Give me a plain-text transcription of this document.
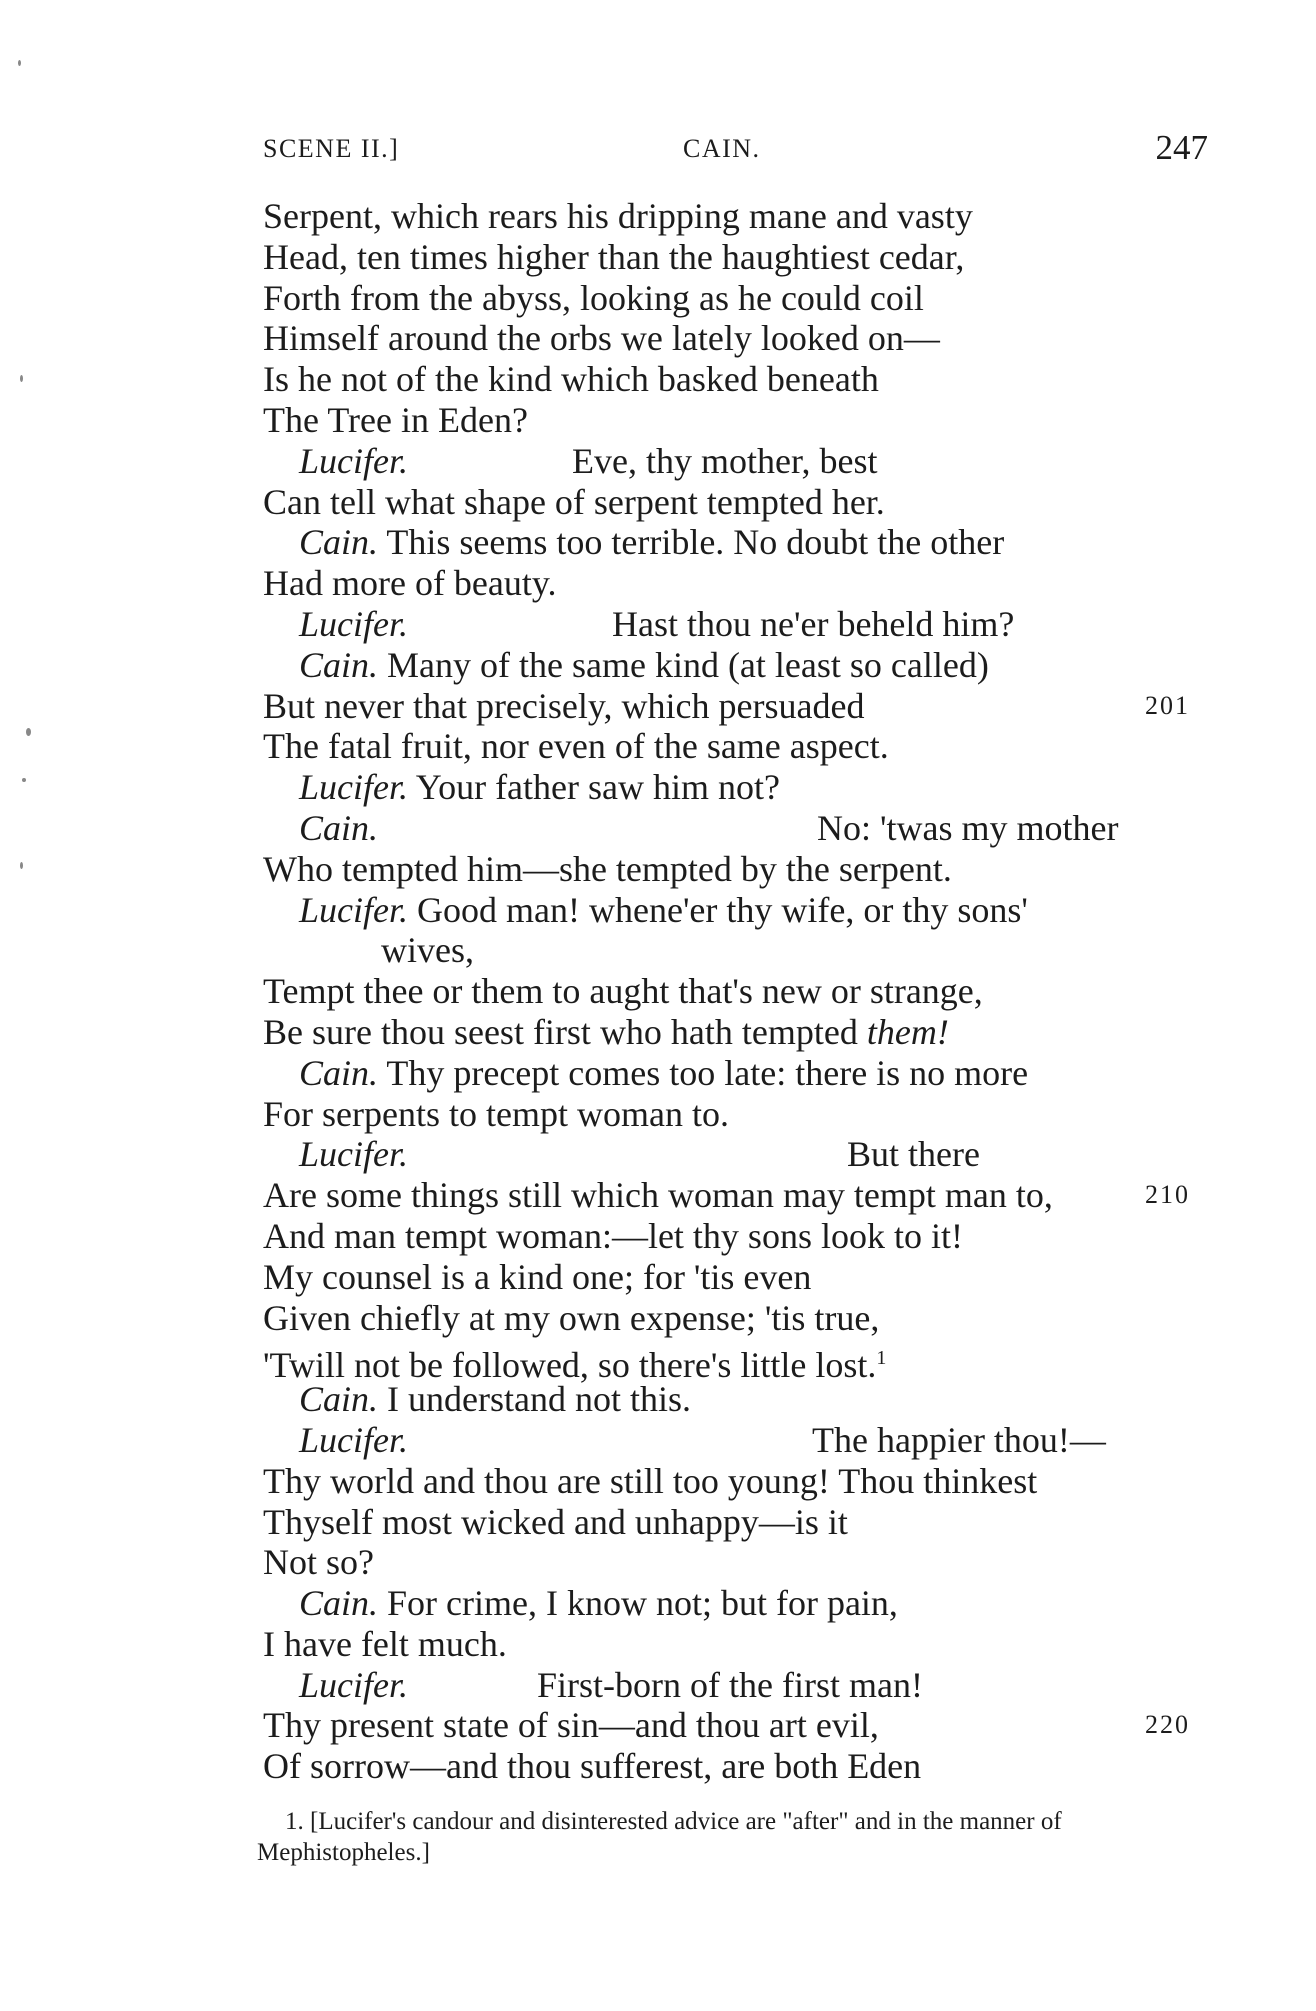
SCENE II.]	CAIN.	247
Serpent, which rears his dripping mane and vasty
Head, ten times higher than the haughtiest cedar,
Forth from the abyss, looking as he could coil
Himself around the orbs we lately looked on—
Is he not of the kind which basked beneath
The Tree in Eden?
Lucifer.	Eve, thy mother, best
Can tell what shape of serpent tempted her.
Cain. This seems too terrible. No doubt the other
Had more of beauty.
Lucifer.	Hast thou ne'er beheld him?
Cain. Many of the same kind (at least so called)
But never that precisely, which persuaded	201
The fatal fruit, nor even of the same aspect.
Lucifer. Your father saw him not?
Cain.	No: 'twas my mother
Who tempted him—she tempted by the serpent.
Lucifer. Good man! whene'er thy wife, or thy sons'
wives,
Tempt thee or them to aught that's new or strange,
Be sure thou seest first who hath tempted them!
Cain. Thy precept comes too late: there is no more
For serpents to tempt woman to.
Lucifer.	But there
Are some things still which woman may tempt man to,	210
And man tempt woman:—let thy sons look to it!
My counsel is a kind one; for 'tis even
Given chiefly at my own expense; 'tis true,
'Twill not be followed, so there's little lost.$^1$
Cain. I understand not this.
Lucifer.	The happier thou!—
Thy world and thou are still too young! Thou thinkest
Thyself most wicked and unhappy—is it
Not so?
Cain. For crime, I know not; but for pain,
I have felt much.
Lucifer.	First-born of the first man!
Thy present state of sin—and thou art evil,	220
Of sorrow—and thou sufferest, are both Eden
1. [Lucifer's candour and disinterested advice are "after" and in the manner of Mephistopheles.]
